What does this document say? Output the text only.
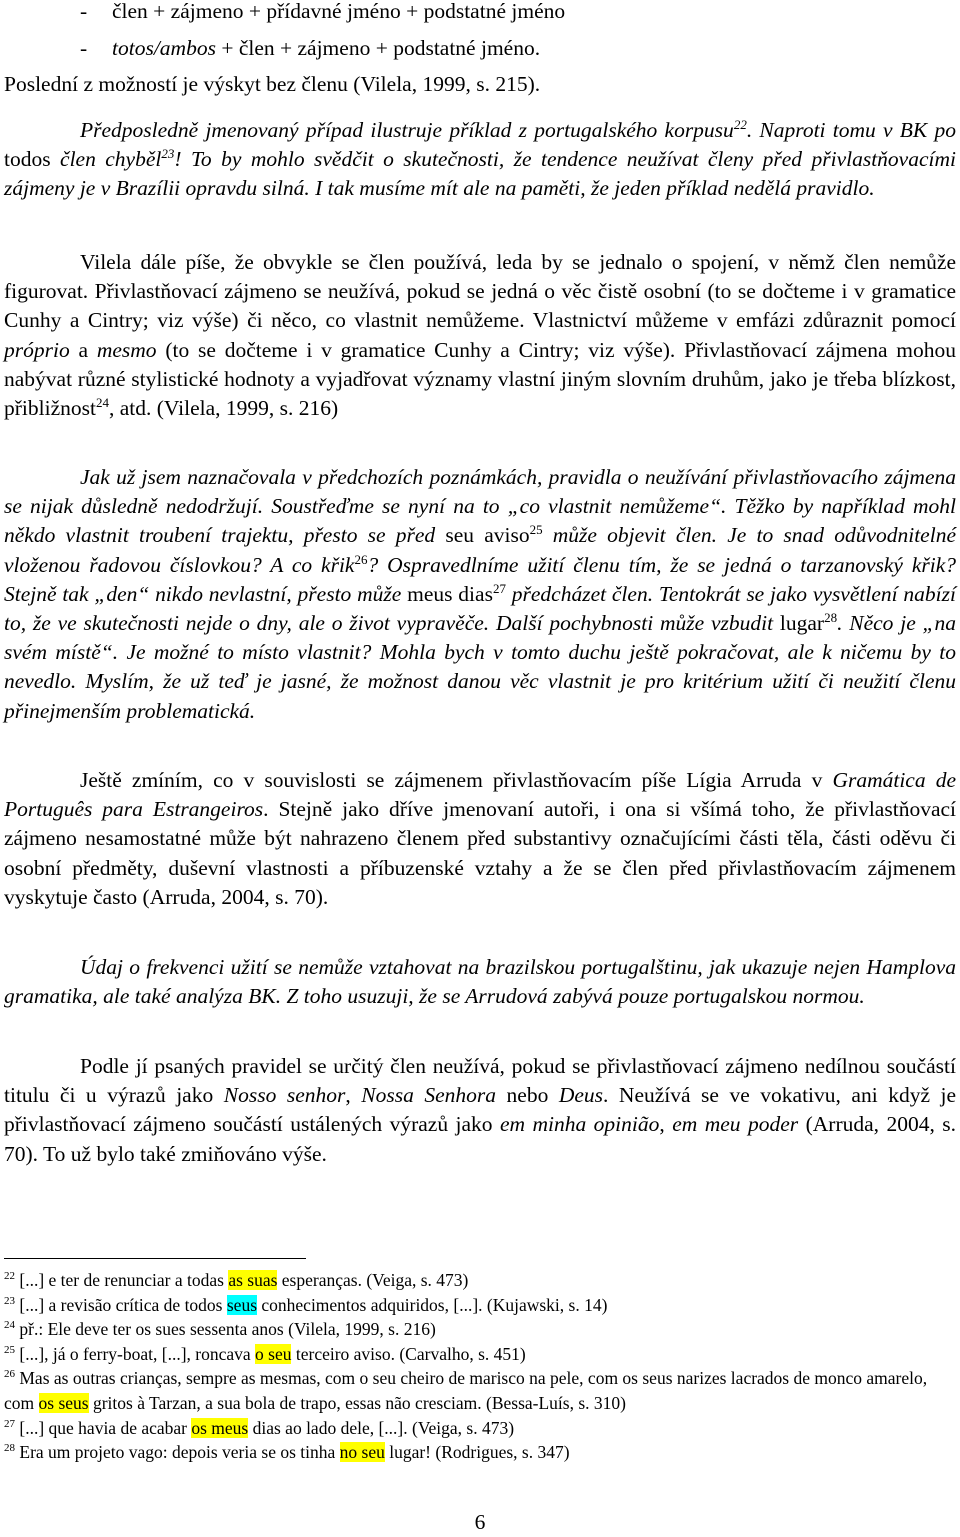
- člen + zájmeno + přídavné jméno + podstatné jméno
- totos/ambos + člen + zájmeno + podstatné jméno.
Poslední z možností je výskyt bez členu (Vilela, 1999, s. 215).

Předposledně jmenovaný případ ilustruje příklad z portugalského korpusu$^{22}$. Naproti tomu v BK po todos člen chyběl$^{23}$! To by mohlo svědčit o skutečnosti, že tendence neužívat členy před přivlastňovacími zájmeny je v Brazílii opravdu silná. I tak musíme mít ale na paměti, že jeden příklad nedělá pravidlo.

Vilela dále píše, že obvykle se člen používá, leda by se jednalo o spojení, v němž člen nemůže figurovat. Přivlastňovací zájmeno se neužívá, pokud se jedná o věc čistě osobní (to se dočteme i v gramatice Cunhy a Cintry; viz výše) či něco, co vlastnit nemůžeme. Vlastnictví můžeme v emfázi zdůraznit pomocí próprio a mesmo (to se dočteme i v gramatice Cunhy a Cintry; viz výše). Přivlastňovací zájmena mohou nabývat různé stylistické hodnoty a vyjadřovat významy vlastní jiným slovním druhům, jako je třeba blízkost, přibližnost$^{24}$, atd. (Vilela, 1999, s. 216)

Jak už jsem naznačovala v předchozích poznámkách, pravidla o neužívání přivlastňovacího zájmena se nijak důsledně nedodržují. Soustřeďme se nyní na to „co vlastnit nemůžeme“. Těžko by například mohl někdo vlastnit troubení trajektu, přesto se před seu aviso$^{25}$ může objevit člen. Je to snad odůvodnitelné vloženou řadovou číslovkou? A co křik$^{26}$? Ospravedlníme užití členu tím, že se jedná o tarzanovský křik? Stejně tak „den“ nikdo nevlastní, přesto může meus dias$^{27}$ předcházet člen. Tentokrát se jako vysvětlení nabízí to, že ve skutečnosti nejde o dny, ale o život vypravěče. Další pochybnosti může vzbudit lugar$^{28}$. Něco je „na svém místě“. Je možné to místo vlastnit? Mohla bych v tomto duchu ještě pokračovat, ale k ničemu by to nevedlo. Myslím, že už teď je jasné, že možnost danou věc vlastnit je pro kritérium užití či neužití členu přinejmenším problematická.

Ještě zmíním, co v souvislosti se zájmenem přivlastňovacím píše Lígia Arruda v Gramática de Português para Estrangeiros. Stejně jako dříve jmenovaní autoři, i ona si všímá toho, že přivlastňovací zájmeno nesamostatné může být nahrazeno členem před substantivy označujícími části těla, části oděvu či osobní předměty, duševní vlastnosti a příbuzenské vztahy a že se člen před přivlastňovacím zájmenem vyskytuje často (Arruda, 2004, s. 70).

Údaj o frekvenci užití se nemůže vztahovat na brazilskou portugalštinu, jak ukazuje nejen Hamplova gramatika, ale také analýza BK. Z toho usuzuji, že se Arrudová zabývá pouze portugalskou normou.

Podle jí psaných pravidel se určitý člen neužívá, pokud se přivlastňovací zájmeno nedílnou součástí titulu či u výrazů jako Nosso senhor, Nossa Senhora nebo Deus. Neužívá se ve vokativu, ani když je přivlastňovací zájmeno součástí ustálených výrazů jako em minha opinião, em meu poder (Arruda, 2004, s. 70). To už bylo také zmiňováno výše.

$^{22}$ [...] e ter de renunciar a todas as suas esperanças. (Veiga, s. 473)

$^{23}$ [...] a revisão crítica de todos seus conhecimentos adquiridos, [...]. (Kujawski, s. 14)

$^{24}$ př.: Ele deve ter os sues sessenta anos (Vilela, 1999, s. 216)

$^{25}$ [...], já o ferry-boat, [...], roncava o seu terceiro aviso. (Carvalho, s. 451)

$^{26}$ Mas as outras crianças, sempre as mesmas, com o seu cheiro de marisco na pele, com os seus narizes lacrados de monco amarelo, com os seus gritos à Tarzan, a sua bola de trapo, essas não cresciam. (Bessa-Luís, s. 310)

$^{27}$ [...] que havia de acabar os meus dias ao lado dele, [...]. (Veiga, s. 473)

$^{28}$ Era um projeto vago: depois veria se os tinha no seu lugar! (Rodrigues, s. 347)

6
